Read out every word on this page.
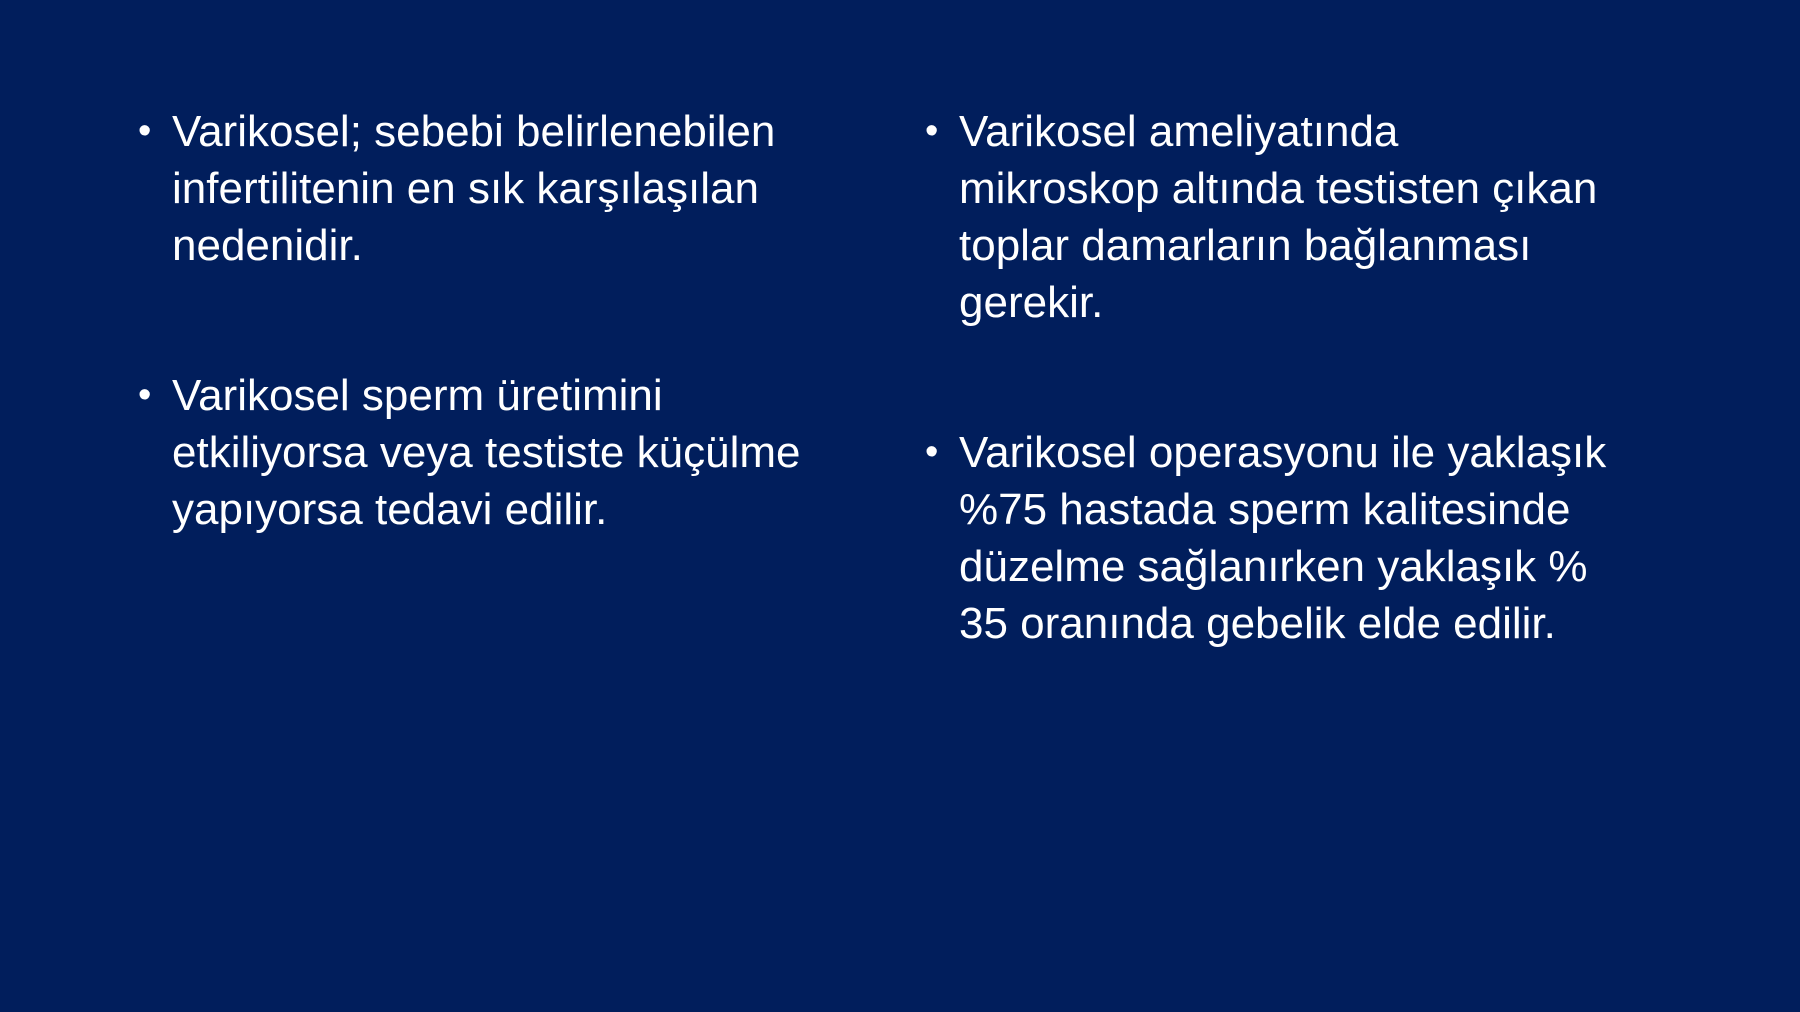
• Varikosel; sebebi belirlenebilen
infertilitenin en sık karşılaşılan
nedenidir.
• Varikosel sperm üretimini
etkiliyorsa veya testiste küçülme
yapıyorsa tedavi edilir.
• Varikosel ameliyatında
mikroskop altında testisten çıkan
toplar damarların bağlanması
gerekir.
• Varikosel operasyonu ile yaklaşık
%75 hastada sperm kalitesinde
düzelme sağlanırken yaklaşık %
35 oranında gebelik elde edilir.
